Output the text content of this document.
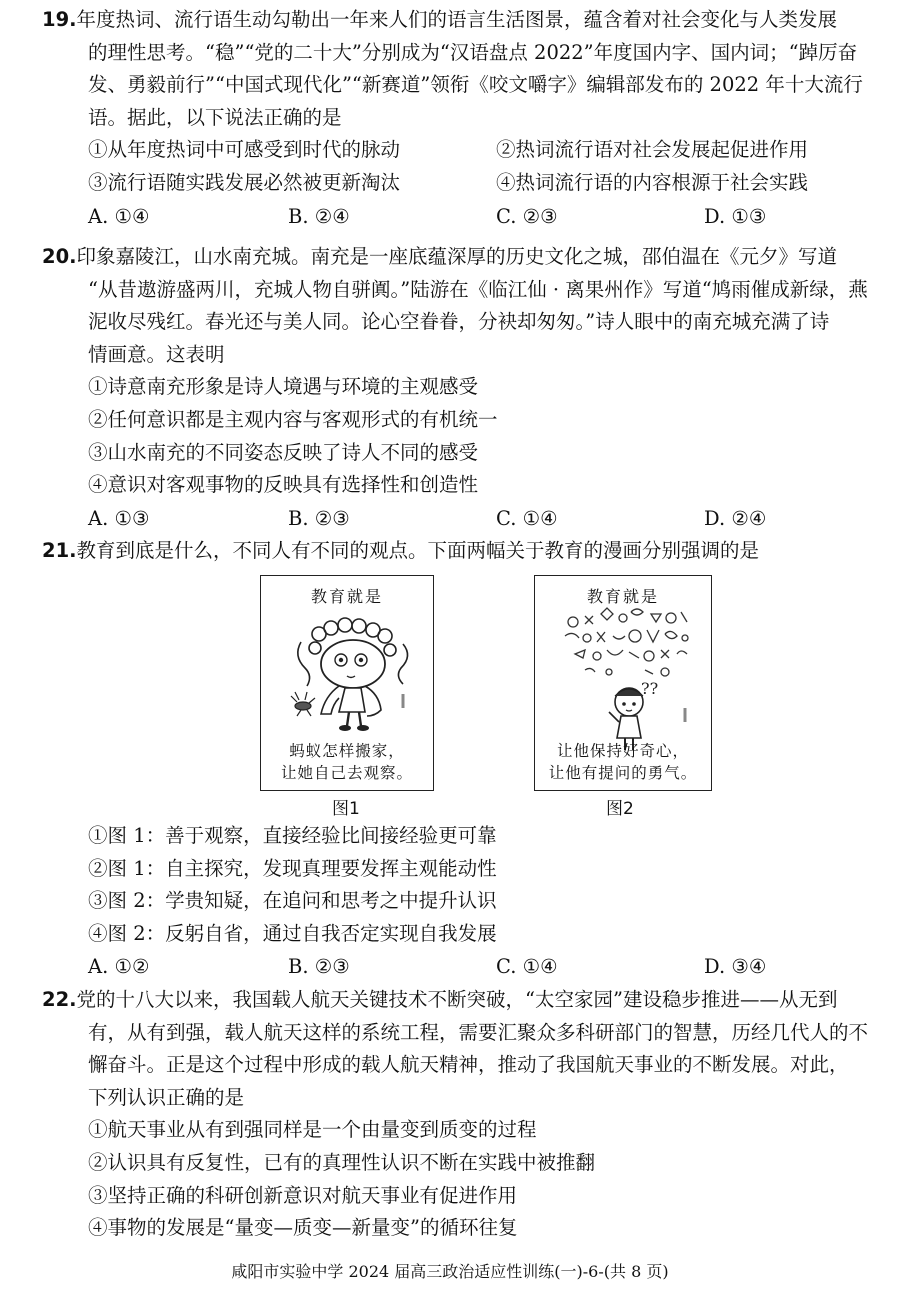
19.年度热词、流行语生动勾勒出一年来人们的语言生活图景，蕴含着对社会变化与人类发展
的理性思考。“稳”“党的二十大”分别成为“汉语盘点 2022”年度国内字、国内词；“踔厉奋
发、勇毅前行”“中国式现代化”“新赛道”领衔《咬文嚼字》编辑部发布的 2022 年十大流行
语。据此，以下说法正确的是
①从年度热词中可感受到时代的脉动	②热词流行语对社会发展起促进作用
③流行语随实践发展必然被更新淘汰	④热词流行语的内容根源于社会实践
A. ①④	B. ②④	C. ②③	D. ①③
20.印象嘉陵江，山水南充城。南充是一座底蕴深厚的历史文化之城，邵伯温在《元夕》写道
“从昔遨游盛两川，充城人物自骈阗。”陆游在《临江仙 · 离果州作》写道“鸠雨催成新绿，燕
泥收尽残红。春光还与美人同。论心空眷眷，分袂却匆匆。”诗人眼中的南充城充满了诗
情画意。这表明
①诗意南充形象是诗人境遇与环境的主观感受
②任何意识都是主观内容与客观形式的有机统一
③山水南充的不同姿态反映了诗人不同的感受
④意识对客观事物的反映具有选择性和创造性
A. ①③	B. ②③	C. ①④	D. ②④
21.教育到底是什么，不同人有不同的观点。下面两幅关于教育的漫画分别强调的是
教育就是
蚂蚁怎样搬家，
让她自己去观察。
图1
教育就是
??
让他保持好奇心，
让他有提问的勇气。
图2
①图 1：善于观察，直接经验比间接经验更可靠
②图 1：自主探究，发现真理要发挥主观能动性
③图 2：学贵知疑，在追问和思考之中提升认识
④图 2：反躬自省，通过自我否定实现自我发展
A. ①②	B. ②③	C. ①④	D. ③④
22.党的十八大以来，我国载人航天关键技术不断突破，“太空家园”建设稳步推进——从无到
有，从有到强，载人航天这样的系统工程，需要汇聚众多科研部门的智慧，历经几代人的不
懈奋斗。正是这个过程中形成的载人航天精神，推动了我国航天事业的不断发展。对此，
下列认识正确的是
①航天事业从有到强同样是一个由量变到质变的过程
②认识具有反复性，已有的真理性认识不断在实践中被推翻
③坚持正确的科研创新意识对航天事业有促进作用
④事物的发展是“量变—质变—新量变”的循环往复
咸阳市实验中学 2024 届高三政治适应性训练(一)-6-(共 8 页)
